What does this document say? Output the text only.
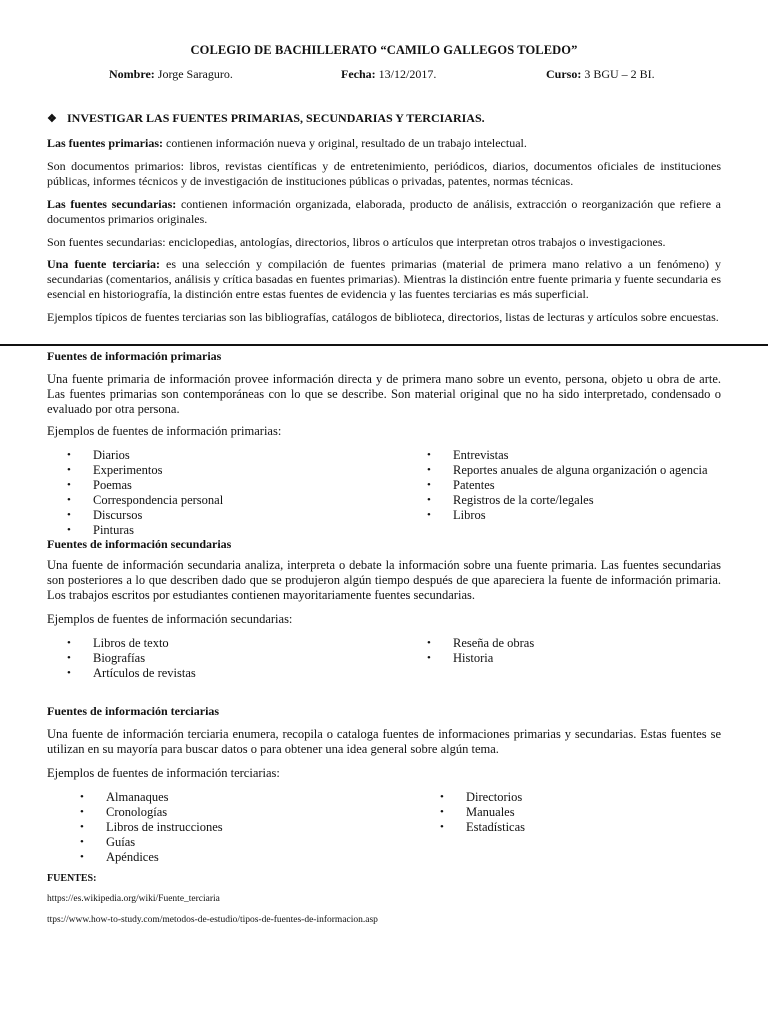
COLEGIO DE BACHILLERATO “CAMILO GALLEGOS TOLEDO”
Nombre: Jorge Saraguro.	Fecha: 13/12/2017.	Curso: 3 BGU – 2 BI.
❖ INVESTIGAR LAS FUENTES PRIMARIAS, SECUNDARIAS Y TERCIARIAS.
Las fuentes primarias: contienen información nueva y original, resultado de un trabajo intelectual.
Son documentos primarios: libros, revistas científicas y de entretenimiento, periódicos, diarios, documentos oficiales de instituciones públicas, informes técnicos y de investigación de instituciones públicas o privadas, patentes, normas técnicas.
Las fuentes secundarias: contienen información organizada, elaborada, producto de análisis, extracción o reorganización que refiere a documentos primarios originales.
Son fuentes secundarias: enciclopedias, antologías, directorios, libros o artículos que interpretan otros trabajos o investigaciones.
Una fuente terciaria: es una selección y compilación de fuentes primarias (material de primera mano relativo a un fenómeno) y secundarias (comentarios, análisis y crítica basadas en fuentes primarias). Mientras la distinción entre fuente primaria y fuente secundaria es esencial en historiografía, la distinción entre estas fuentes de evidencia y las fuentes terciarias es más superficial.
Ejemplos típicos de fuentes terciarias son las bibliografías, catálogos de biblioteca, directorios, listas de lecturas y artículos sobre encuestas.
Fuentes de información primarias
Una fuente primaria de información provee información directa y de primera mano sobre un evento, persona, objeto u obra de arte. Las fuentes primarias son contemporáneas con lo que se describe. Son material original que no ha sido interpretado, condensado o evaluado por otra persona.
Ejemplos de fuentes de información primarias:
• Diarios
• Experimentos
• Poemas
• Correspondencia personal
• Discursos
• Pinturas
• Entrevistas
• Reportes anuales de alguna organización o agencia
• Patentes
• Registros de la corte/legales
• Libros
Fuentes de información secundarias
Una fuente de información secundaria analiza, interpreta o debate la información sobre una fuente primaria. Las fuentes secundarias son posteriores a lo que describen dado que se produjeron algún tiempo después de que apareciera la fuente de información primaria. Los trabajos escritos por estudiantes contienen mayoritariamente fuentes secundarias.
Ejemplos de fuentes de información secundarias:
• Libros de texto
• Biografías
• Artículos de revistas
• Reseña de obras
• Historia
Fuentes de información terciarias
Una fuente de información terciaria enumera, recopila o cataloga fuentes de informaciones primarias y secundarias. Estas fuentes se utilizan en su mayoría para buscar datos o para obtener una idea general sobre algún tema.
Ejemplos de fuentes de información terciarias:
• Almanaques
• Cronologías
• Libros de instrucciones
• Guías
• Apéndices
• Directorios
• Manuales
• Estadísticas
FUENTES:
https://es.wikipedia.org/wiki/Fuente_terciaria
ttps://www.how-to-study.com/metodos-de-estudio/tipos-de-fuentes-de-informacion.asp
